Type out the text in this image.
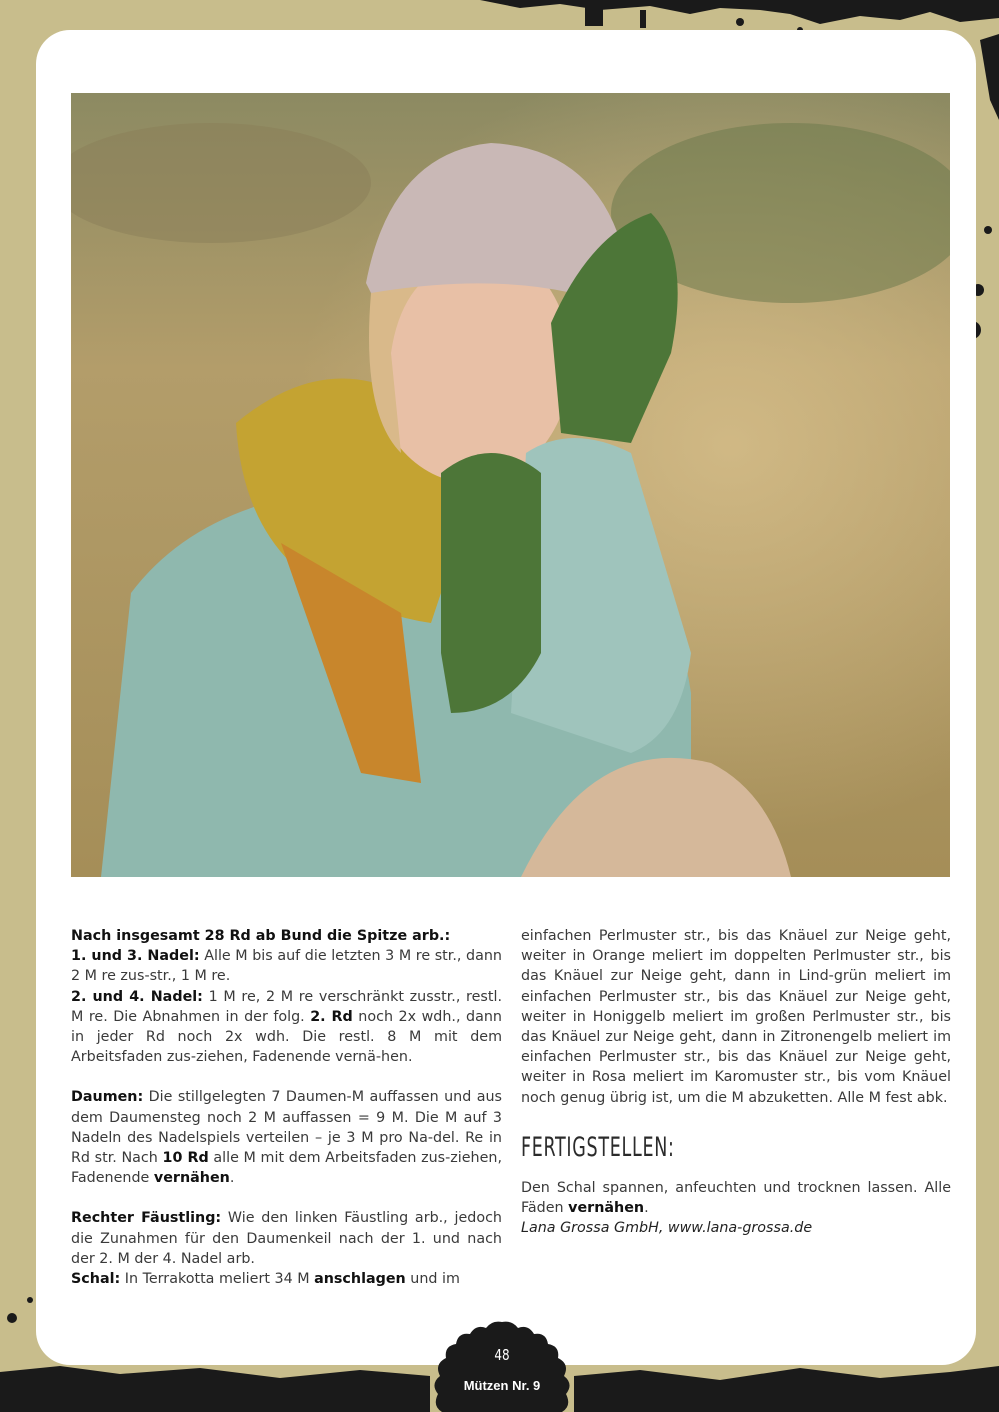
Nach insgesamt 28 Rd ab Bund die Spitze arb.:
1. und 3. Nadel: Alle M bis auf die letzten 3 M re str., dann 2 M re zus-str., 1 M re.
2. und 4. Nadel: 1 M re, 2 M re verschränkt zusstr., restl. M re. Die Abnahmen in der folg. 2. Rd noch 2x wdh., dann in jeder Rd noch 2x wdh. Die restl. 8 M mit dem Arbeitsfaden zus-ziehen, Fadenende vernä-hen.

Daumen: Die stillgelegten 7 Daumen-M auffassen und aus dem Daumensteg noch 2 M auffassen = 9 M. Die M auf 3 Nadeln des Nadelspiels verteilen – je 3 M pro Na-del. Re in Rd str. Nach 10 Rd alle M mit dem Arbeitsfaden zus-ziehen, Fadenende vernähen.

Rechter Fäustling: Wie den linken Fäustling arb., jedoch die Zunahmen für den Daumenkeil nach der 1. und nach der 2. M der 4. Nadel arb.
Schal: In Terrakotta meliert 34 M anschlagen und im

einfachen Perlmuster str., bis das Knäuel zur Neige geht, weiter in Orange meliert im doppelten Perlmuster str., bis das Knäuel zur Neige geht, dann in Lind-grün meliert im einfachen Perlmuster str., bis das Knäuel zur Neige geht, weiter in Honiggelb meliert im großen Perlmuster str., bis das Knäuel zur Neige geht, dann in Zitronengelb meliert im einfachen Perlmuster str., bis das Knäuel zur Neige geht, weiter in Rosa meliert im Karomuster str., bis vom Knäuel noch genug übrig ist, um die M abzuketten. Alle M fest abk.

FERTIGSTELLEN:

Den Schal spannen, anfeuchten und trocknen lassen. Alle Fäden vernähen.

Lana Grossa GmbH, www.lana-grossa.de

48
Mützen Nr. 9
